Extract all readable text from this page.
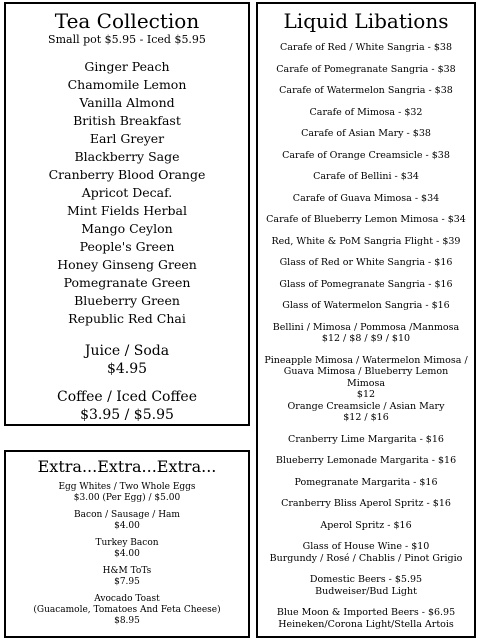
Tea Collection
Small pot $5.95 - Iced $5.95
Ginger Peach
Chamomile Lemon
Vanilla Almond
British Breakfast
Earl Greyer
Blackberry Sage
Cranberry Blood Orange
Apricot Decaf.
Mint Fields Herbal
Mango Ceylon
People's Green
Honey Ginseng Green
Pomegranate Green
Blueberry Green
Republic Red Chai
Juice / Soda
$4.95
Coffee / Iced Coffee
$3.95 / $5.95
Extra...Extra...Extra...
Egg Whites / Two Whole Eggs
$3.00 (Per Egg) / $5.00
Bacon / Sausage / Ham
$4.00
Turkey Bacon
$4.00
H&M ToTs
$7.95
Avocado Toast
(Guacamole, Tomatoes And Feta Cheese)
$8.95
Liquid Libations
Carafe of Red / White Sangria - $38
Carafe of Pomegranate Sangria - $38
Carafe of Watermelon Sangria - $38
Carafe of Mimosa - $32
Carafe of Asian Mary - $38
Carafe of Orange Creamsicle - $38
Carafe of Bellini - $34
Carafe of Guava Mimosa - $34
Carafe of Blueberry Lemon Mimosa - $34
Red, White & PoM Sangria Flight - $39
Glass of Red or White Sangria - $16
Glass of Pomegranate Sangria - $16
Glass of Watermelon Sangria - $16
Bellini / Mimosa / Pommosa /Manmosa
$12 / $8 / $9 / $10
Pineapple Mimosa / Watermelon Mimosa /
Guava Mimosa / Blueberry Lemon Mimosa
$12
Orange Creamsicle / Asian Mary
$12 / $16
Cranberry Lime Margarita - $16
Blueberry Lemonade Margarita - $16
Pomegranate Margarita - $16
Cranberry Bliss Aperol Spritz - $16
Aperol Spritz - $16
Glass of House Wine - $10
Burgundy / Rosé / Chablis / Pinot Grigio
Domestic Beers - $5.95
Budweiser/Bud Light
Blue Moon & Imported Beers - $6.95
Heineken/Corona Light/Stella Artois
